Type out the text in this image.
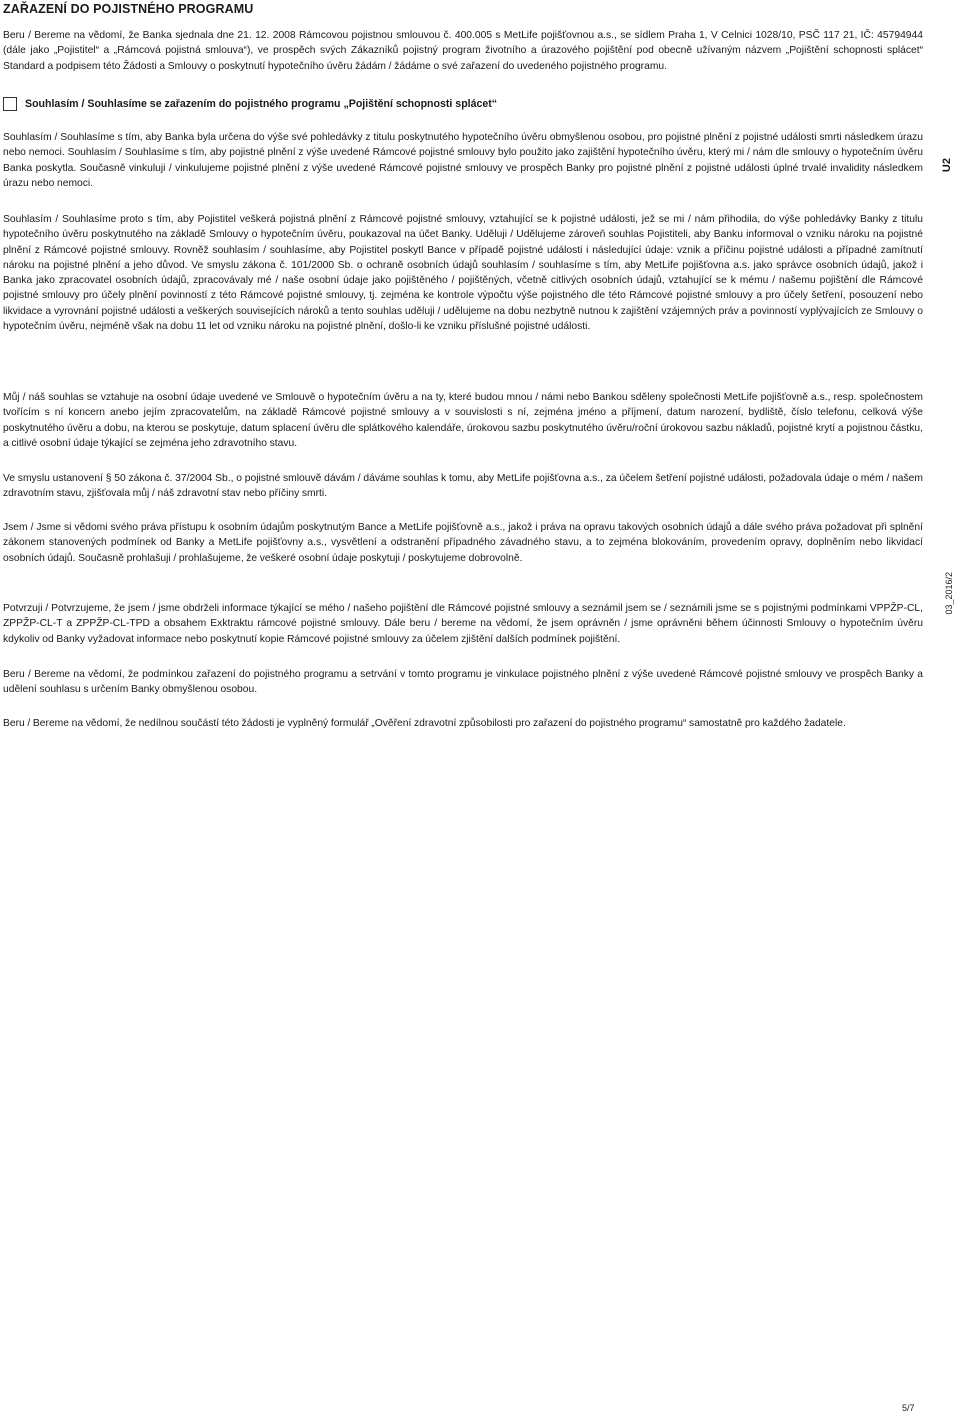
ZAŘAZENÍ DO POJISTNÉHO PROGRAMU

Beru / Bereme na vědomí, že Banka sjednala dne 21. 12. 2008 Rámcovou pojistnou smlouvou č. 400.005 s MetLife pojišťovnou a.s., se sídlem Praha 1, V Celnici 1028/10, PSČ 117 21, IČ: 45794944 (dále jako „Pojistitel“ a „Rámcová pojistná smlouva“), ve prospěch svých Zákazníků pojistný program životního a úrazového pojištění pod obecně užívaným názvem „Pojištění schopnosti splácet“ Standard a podpisem této Žádosti a Smlouvy o poskytnutí hypotečního úvěru žádám / žádáme o své zařazení do uvedeného pojistného programu.

Souhlasím / Souhlasíme se zařazením do pojistného programu „Pojištění schopnosti splácet“

Souhlasím / Souhlasíme s tím, aby Banka byla určena do výše své pohledávky z titulu poskytnutého hypotečního úvěru obmyšlenou osobou, pro pojistné plnění z pojistné události smrti následkem úrazu nebo nemoci. Souhlasím / Souhlasíme s tím, aby pojistné plnění z výše uvedené Rámcové pojistné smlouvy bylo použito jako zajištění hypotečního úvěru, který mi / nám dle smlouvy o hypotečním úvěru Banka poskytla. Současně vinkuluji / vinkulujeme pojistné plnění z výše uvedené Rámcové pojistné smlouvy ve prospěch Banky pro pojistné plnění z pojistné události úplné trvalé invalidity následkem úrazu nebo nemoci.

Souhlasím / Souhlasíme proto s tím, aby Pojistitel veškerá pojistná plnění z Rámcové pojistné smlouvy, vztahující se k pojistné události, jež se mi / nám přihodila, do výše pohledávky Banky z titulu hypotečního úvěru poskytnutého na základě Smlouvy o hypotečním úvěru, poukazoval na účet Banky. Uděluji / Udělujeme zároveň souhlas Pojistiteli, aby Banku informoval o vzniku nároku na pojistné plnění z Rámcové pojistné smlouvy. Rovněž souhlasím / souhlasíme, aby Pojistitel poskytl Bance v případě pojistné události i následující údaje: vznik a příčinu pojistné události a případné zamítnutí nároku na pojistné plnění a jeho důvod. Ve smyslu zákona č. 101/2000 Sb. o ochraně osobních údajů souhlasím / souhlasíme s tím, aby MetLife pojišťovna a.s. jako správce osobních údajů, jakož i Banka jako zpracovatel osobních údajů, zpracovávaly mé / naše osobní údaje jako pojištěného / pojištěných, včetně citlivých osobních údajů, vztahující se k mému / našemu pojištění dle Rámcové pojistné smlouvy pro účely plnění povinností z této Rámcové pojistné smlouvy, tj. zejména ke kontrole výpočtu výše pojistného dle této Rámcové pojistné smlouvy a pro účely šetření, posouzení nebo likvidace a vyrovnání pojistné události a veškerých souvisejících nároků a tento souhlas uděluji / udělujeme na dobu nezbytně nutnou k zajištění vzájemných práv a povinností vyplývajících ze Smlouvy o hypotečním úvěru, nejméně však na dobu 11 let od vzniku nároku na pojistné plnění, došlo-li ke vzniku příslušné pojistné události.

Můj / náš souhlas se vztahuje na osobní údaje uvedené ve Smlouvě o hypotečním úvěru a na ty, které budou mnou / námi nebo Bankou sděleny společnosti MetLife pojišťovně a.s., resp. společnostem tvořícím s ní koncern anebo jejím zpracovatelům, na základě Rámcové pojistné smlouvy a v souvislosti s ní, zejména jméno a příjmení, datum narození, bydliště, číslo telefonu, celková výše poskytnutého úvěru a dobu, na kterou se poskytuje, datum splacení úvěru dle splátkového kalendáře, úrokovou sazbu poskytnutého úvěru/roční úrokovou sazbu nákladů, pojistné krytí a pojistnou částku, a citlivé osobní údaje týkající se zejména jeho zdravotního stavu.

Ve smyslu ustanovení § 50 zákona č. 37/2004 Sb., o pojistné smlouvě dávám / dáváme souhlas k tomu, aby MetLife pojišťovna a.s., za účelem šetření pojistné události, požadovala údaje o mém / našem zdravotním stavu, zjišťovala můj / náš zdravotní stav nebo příčiny smrti.

Jsem / Jsme si vědomi svého práva přístupu k osobním údajům poskytnutým Bance a MetLife pojišťovně a.s., jakož i práva na opravu takových osobních údajů a dále svého práva požadovat při splnění zákonem stanovených podmínek od Banky a MetLife pojišťovny a.s., vysvětlení a odstranění případného závadného stavu, a to zejména blokováním, provedením opravy, doplněním nebo likvidací osobních údajů. Současně prohlašuji / prohlašujeme, že veškeré osobní údaje poskytuji / poskytujeme dobrovolně.

Potvrzuji / Potvrzujeme, že jsem / jsme obdrželi informace týkající se mého / našeho pojištění dle Rámcové pojistné smlouvy a seznámil jsem se / seznámili jsme se s pojistnými podmínkami VPPŽP-CL, ZPPŽP-CL-T a ZPPŽP-CL-TPD a obsahem Exktraktu rámcové pojistné smlouvy. Dále beru / bereme na vědomí, že jsem oprávněn / jsme oprávněni během účinnosti Smlouvy o hypotečním úvěru kdykoliv od Banky vyžadovat informace nebo poskytnutí kopie Rámcové pojistné smlouvy za účelem zjištění dalších podmínek pojištění.

Beru / Bereme na vědomí, že podmínkou zařazení do pojistného programu a setrvání v tomto programu je vinkulace pojistného plnění z výše uvedené Rámcové pojistné smlouvy ve prospěch Banky a udělení souhlasu s určením Banky obmyšlenou osobou.

Beru / Bereme na vědomí, že nedílnou součástí této žádosti je vyplněný formulář „Ověření zdravotní způsobilosti pro zařazení do pojistného programu“ samostatně pro každého žadatele.

U2
03_2016/2
5/7
